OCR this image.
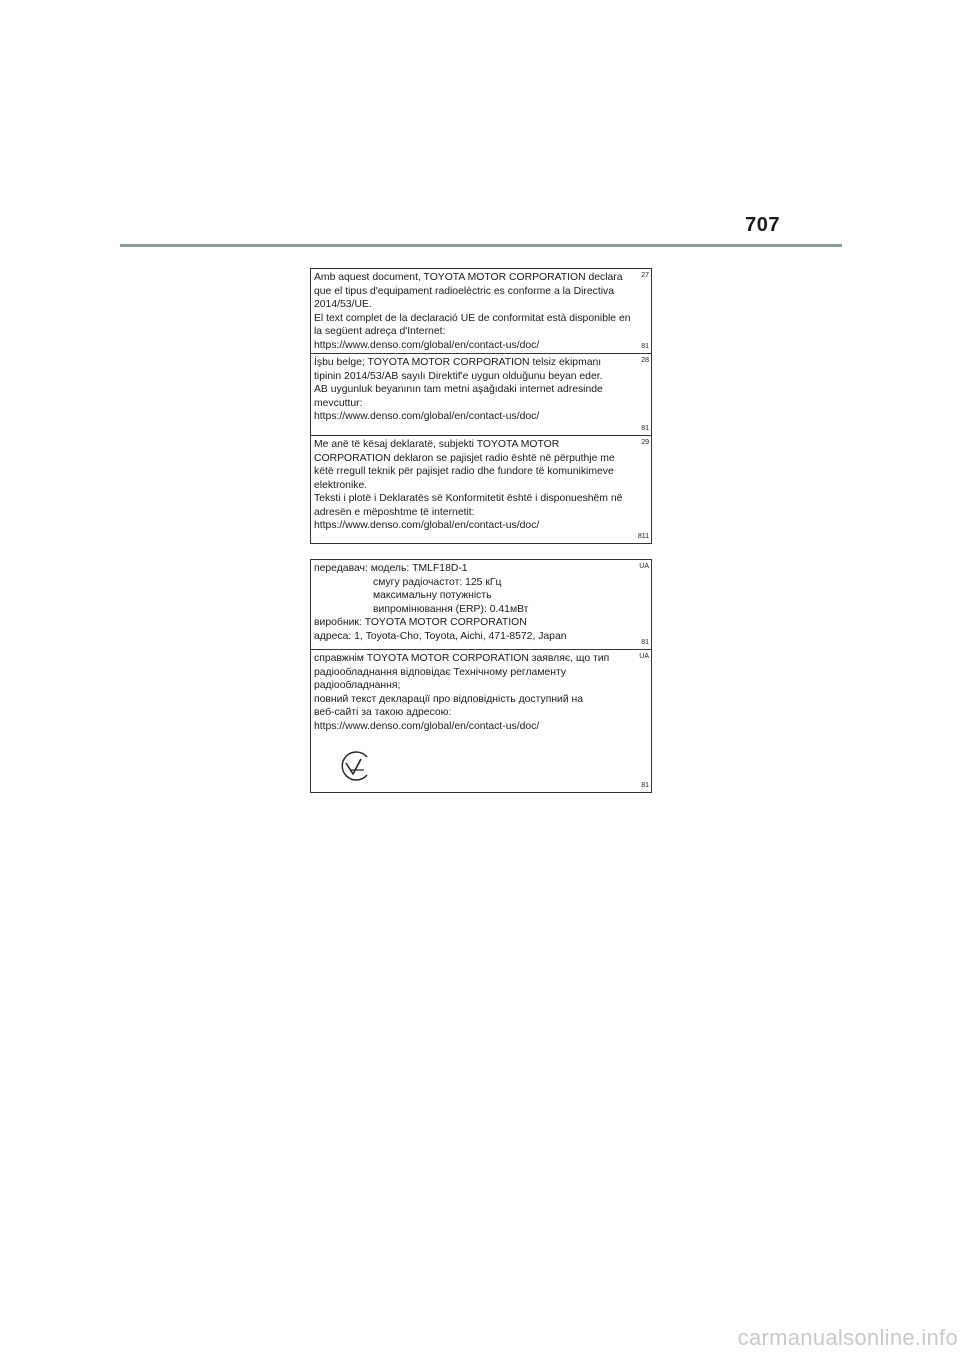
707
Amb aquest document, TOYOTA MOTOR CORPORATION declara
que el tipus d'equipament radioelèctric es conforme a la Directiva
2014/53/UE.
El text complet de la declaració UE de conformitat està disponible en
la següent adreça d'Internet:
https://www.denso.com/global/en/contact-us/doc/
27
81
İşbu belge; TOYOTA MOTOR CORPORATION telsiz ekipmanı
tipinin 2014/53/AB sayılı Direktif'e uygun olduğunu beyan eder.
AB uygunluk beyanının tam metni aşağıdaki internet adresinde
mevcuttur:
https://www.denso.com/global/en/contact-us/doc/
28
81
Me anë të kësaj deklaratë, subjekti TOYOTA MOTOR
CORPORATION deklaron se pajisjet radio është në përputhje me
këtë rregull teknik për pajisjet radio dhe fundore të komunikimeve
elektronike.
Teksti i plotë i Deklaratës së Konformitetit është i disponueshëm në
adresën e mëposhtme të internetit:
https://www.denso.com/global/en/contact-us/doc/
29
811
передавач: модель: TMLF18D-1
смугу радіочастот: 125 кГц
максимальну потужність
випромінювання (ERP): 0.41мВт
виробник: TOYOTA MOTOR CORPORATION
адреса: 1, Toyota-Cho, Toyota, Aichi, 471-8572, Japan
UA
81
справжнім TOYOTA MOTOR CORPORATION заявляє, що тип
радіообладнання відповідає Технічному регламенту
радіообладнання;
повний текст декларації про відповідність доступний на
веб-сайті за такою адресою:
https://www.denso.com/global/en/contact-us/doc/
UA
81
carmanualsonline.info
